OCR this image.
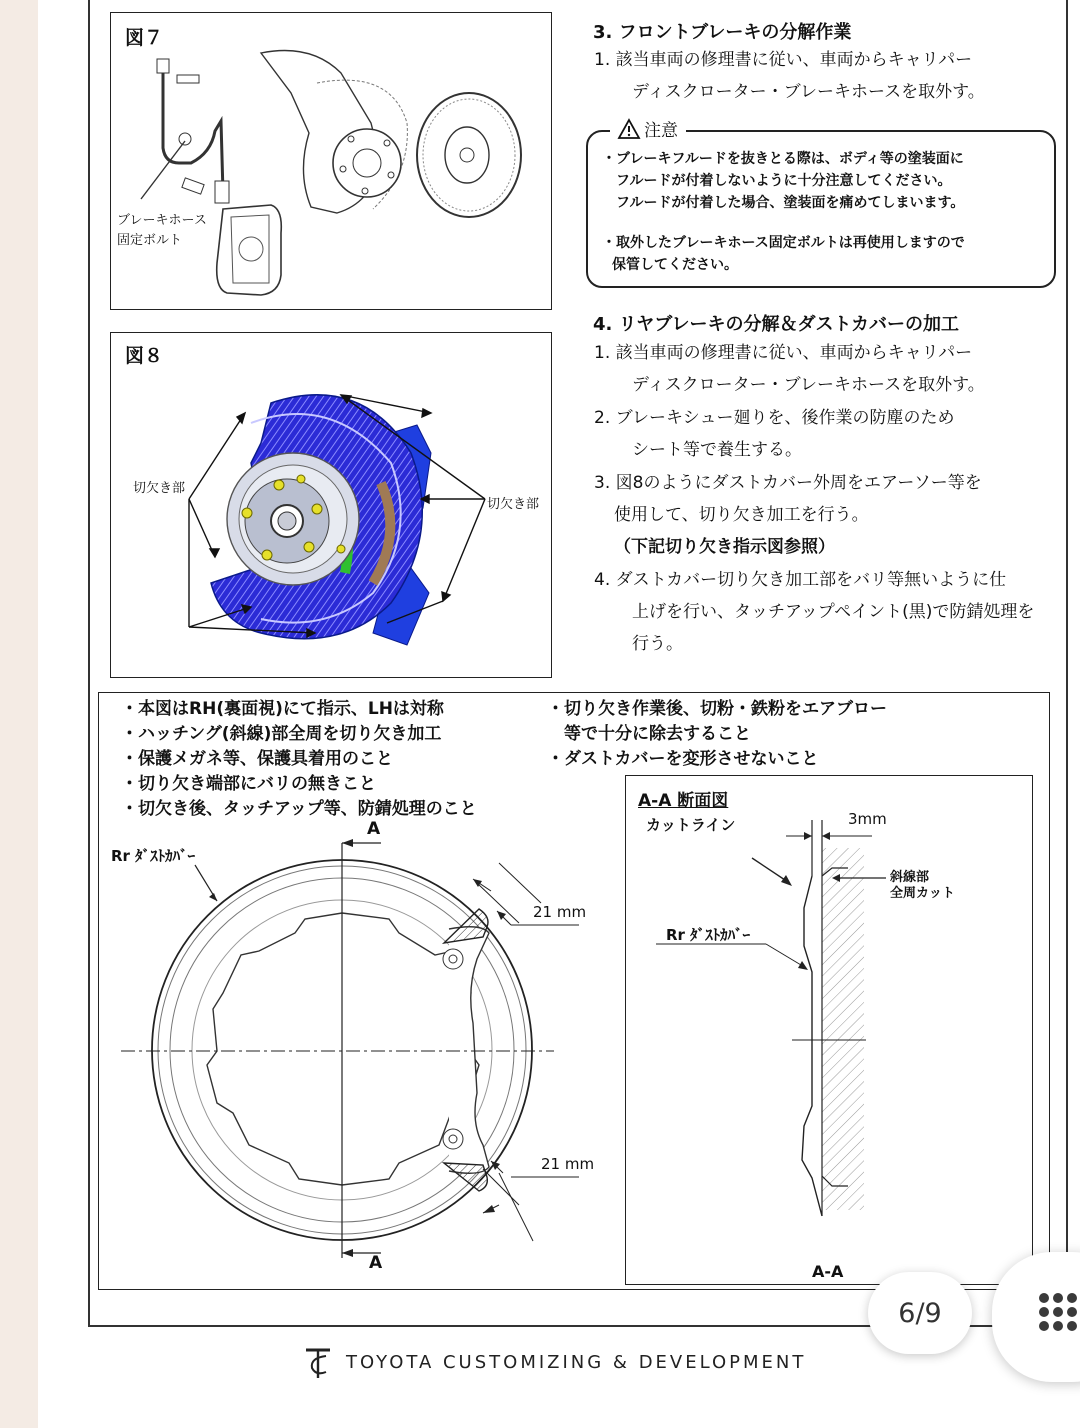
図７
ブレーキホース
固定ボルト
3. フロントブレーキの分解作業
1. 該当車両の修理書に従い、車両からキャリパー
ディスクローター・ブレーキホースを取外す。
・ブレーキフルードを抜きとる際は、ボディ等の塗装面に
フルードが付着しないように十分注意してください。
フルードが付着した場合、塗装面を痛めてしまいます。
・取外したブレーキホース固定ボルトは再使用しますので
保管してください。
注意
図８
切欠き部
切欠き部
4. リヤブレーキの分解＆ダストカバーの加工
1. 該当車両の修理書に従い、車両からキャリパー
ディスクローター・ブレーキホースを取外す。
2. ブレーキシュー廻りを、後作業の防塵のため
シート等で養生する。
3. 図8のようにダストカバー外周をエアーソー等を
使用して、切り欠き加工を行う。
（下記切り欠き指示図参照）
4. ダストカバー切り欠き加工部をバリ等無いように仕
上げを行い、タッチアップペイント(黒)で防錆処理を
行う。
・本図はRH(裏面視)にて指示、LHは対称
・ハッチング(斜線)部全周を切り欠き加工
・保護メガネ等、保護具着用のこと
・切り欠き端部にバリの無きこと
・切欠き後、タッチアップ等、防錆処理のこと
・切り欠き作業後、切粉・鉄粉をエアブロー
　等で十分に除去すること
・ダストカバーを変形させないこと
Rr ﾀﾞｽﾄｶﾊﾞｰ
A
A
21 mm
21 mm
A-A 断面図
カットライン	3mm
斜線部
全周カット
Rr ﾀﾞｽﾄｶﾊﾞｰ
A-A
TOYOTA CUSTOMIZING & DEVELOPMENT
6/9
